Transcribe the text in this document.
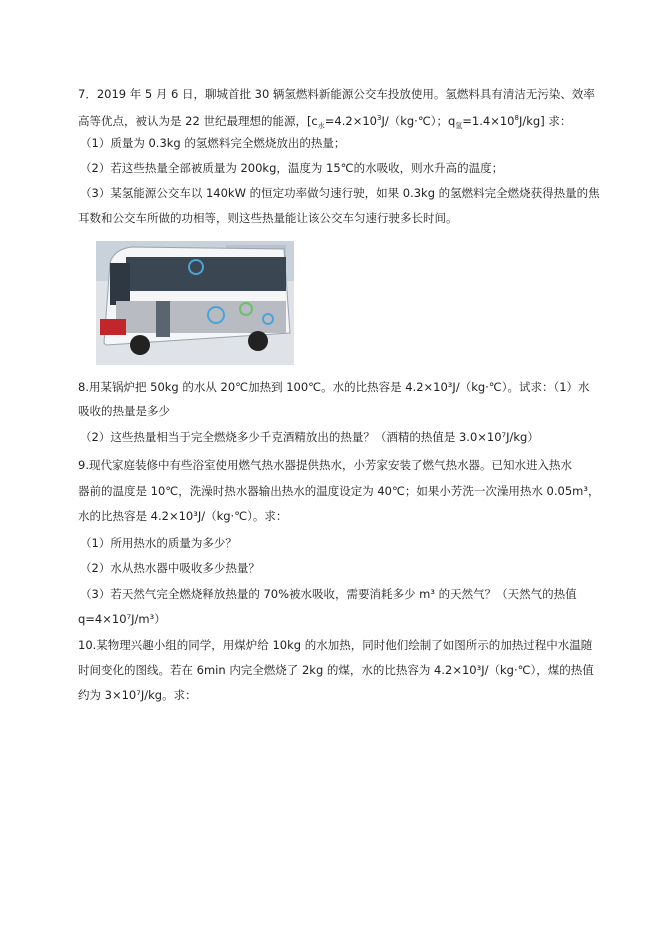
7．2019 年 5 月 6 日，聊城首批 30 辆氢燃料新能源公交车投放使用。氢燃料具有清洁无污染、效率
高等优点，被认为是 22 世纪最理想的能源，[$c_水=4.2\times 10^3J/(kg\cdot℃)$；$q_氢=1.4\times 10^8J/kg$] 求：
（1）质量为 0.3kg 的氢燃料完全燃烧放出的热量；
（2）若这些热量全部被质量为 200kg，温度为 15℃的水吸收，则水升高的温度；
（3）某氢能源公交车以 140kW 的恒定功率做匀速行驶，如果 0.3kg 的氢燃料完全燃烧获得热量的焦
耳数和公交车所做的功相等，则这些热量能让该公交车匀速行驶多长时间。
8.用某锅炉把 50kg 的水从 20℃加热到 100℃。水的比热容是 4.2×10³J/（kg·℃）。试求：（1）水
吸收的热量是多少
（2）这些热量相当于完全燃烧多少千克酒精放出的热量？（酒精的热值是 3.0×10⁷J/kg）
9.现代家庭装修中有些浴室使用燃气热水器提供热水，小芳家安装了燃气热水器。已知水进入热水
器前的温度是 10℃，洗澡时热水器输出热水的温度设定为 40℃；如果小芳洗一次澡用热水 0.05m³，
水的比热容是 4.2×10³J/（kg·℃）。求：
（1）所用热水的质量为多少？
（2）水从热水器中吸收多少热量？
（3）若天然气完全燃烧释放热量的 70%被水吸收，需要消耗多少 m³ 的天然气？（天然气的热值
q=4×10⁷J/m³）
10.某物理兴趣小组的同学，用煤炉给 10kg 的水加热，同时他们绘制了如图所示的加热过程中水温随
时间变化的图线。若在 6min 内完全燃烧了 2kg 的煤，水的比热容为 4.2×10³J/（kg·℃），煤的热值
约为 3×10⁷J/kg。求：
